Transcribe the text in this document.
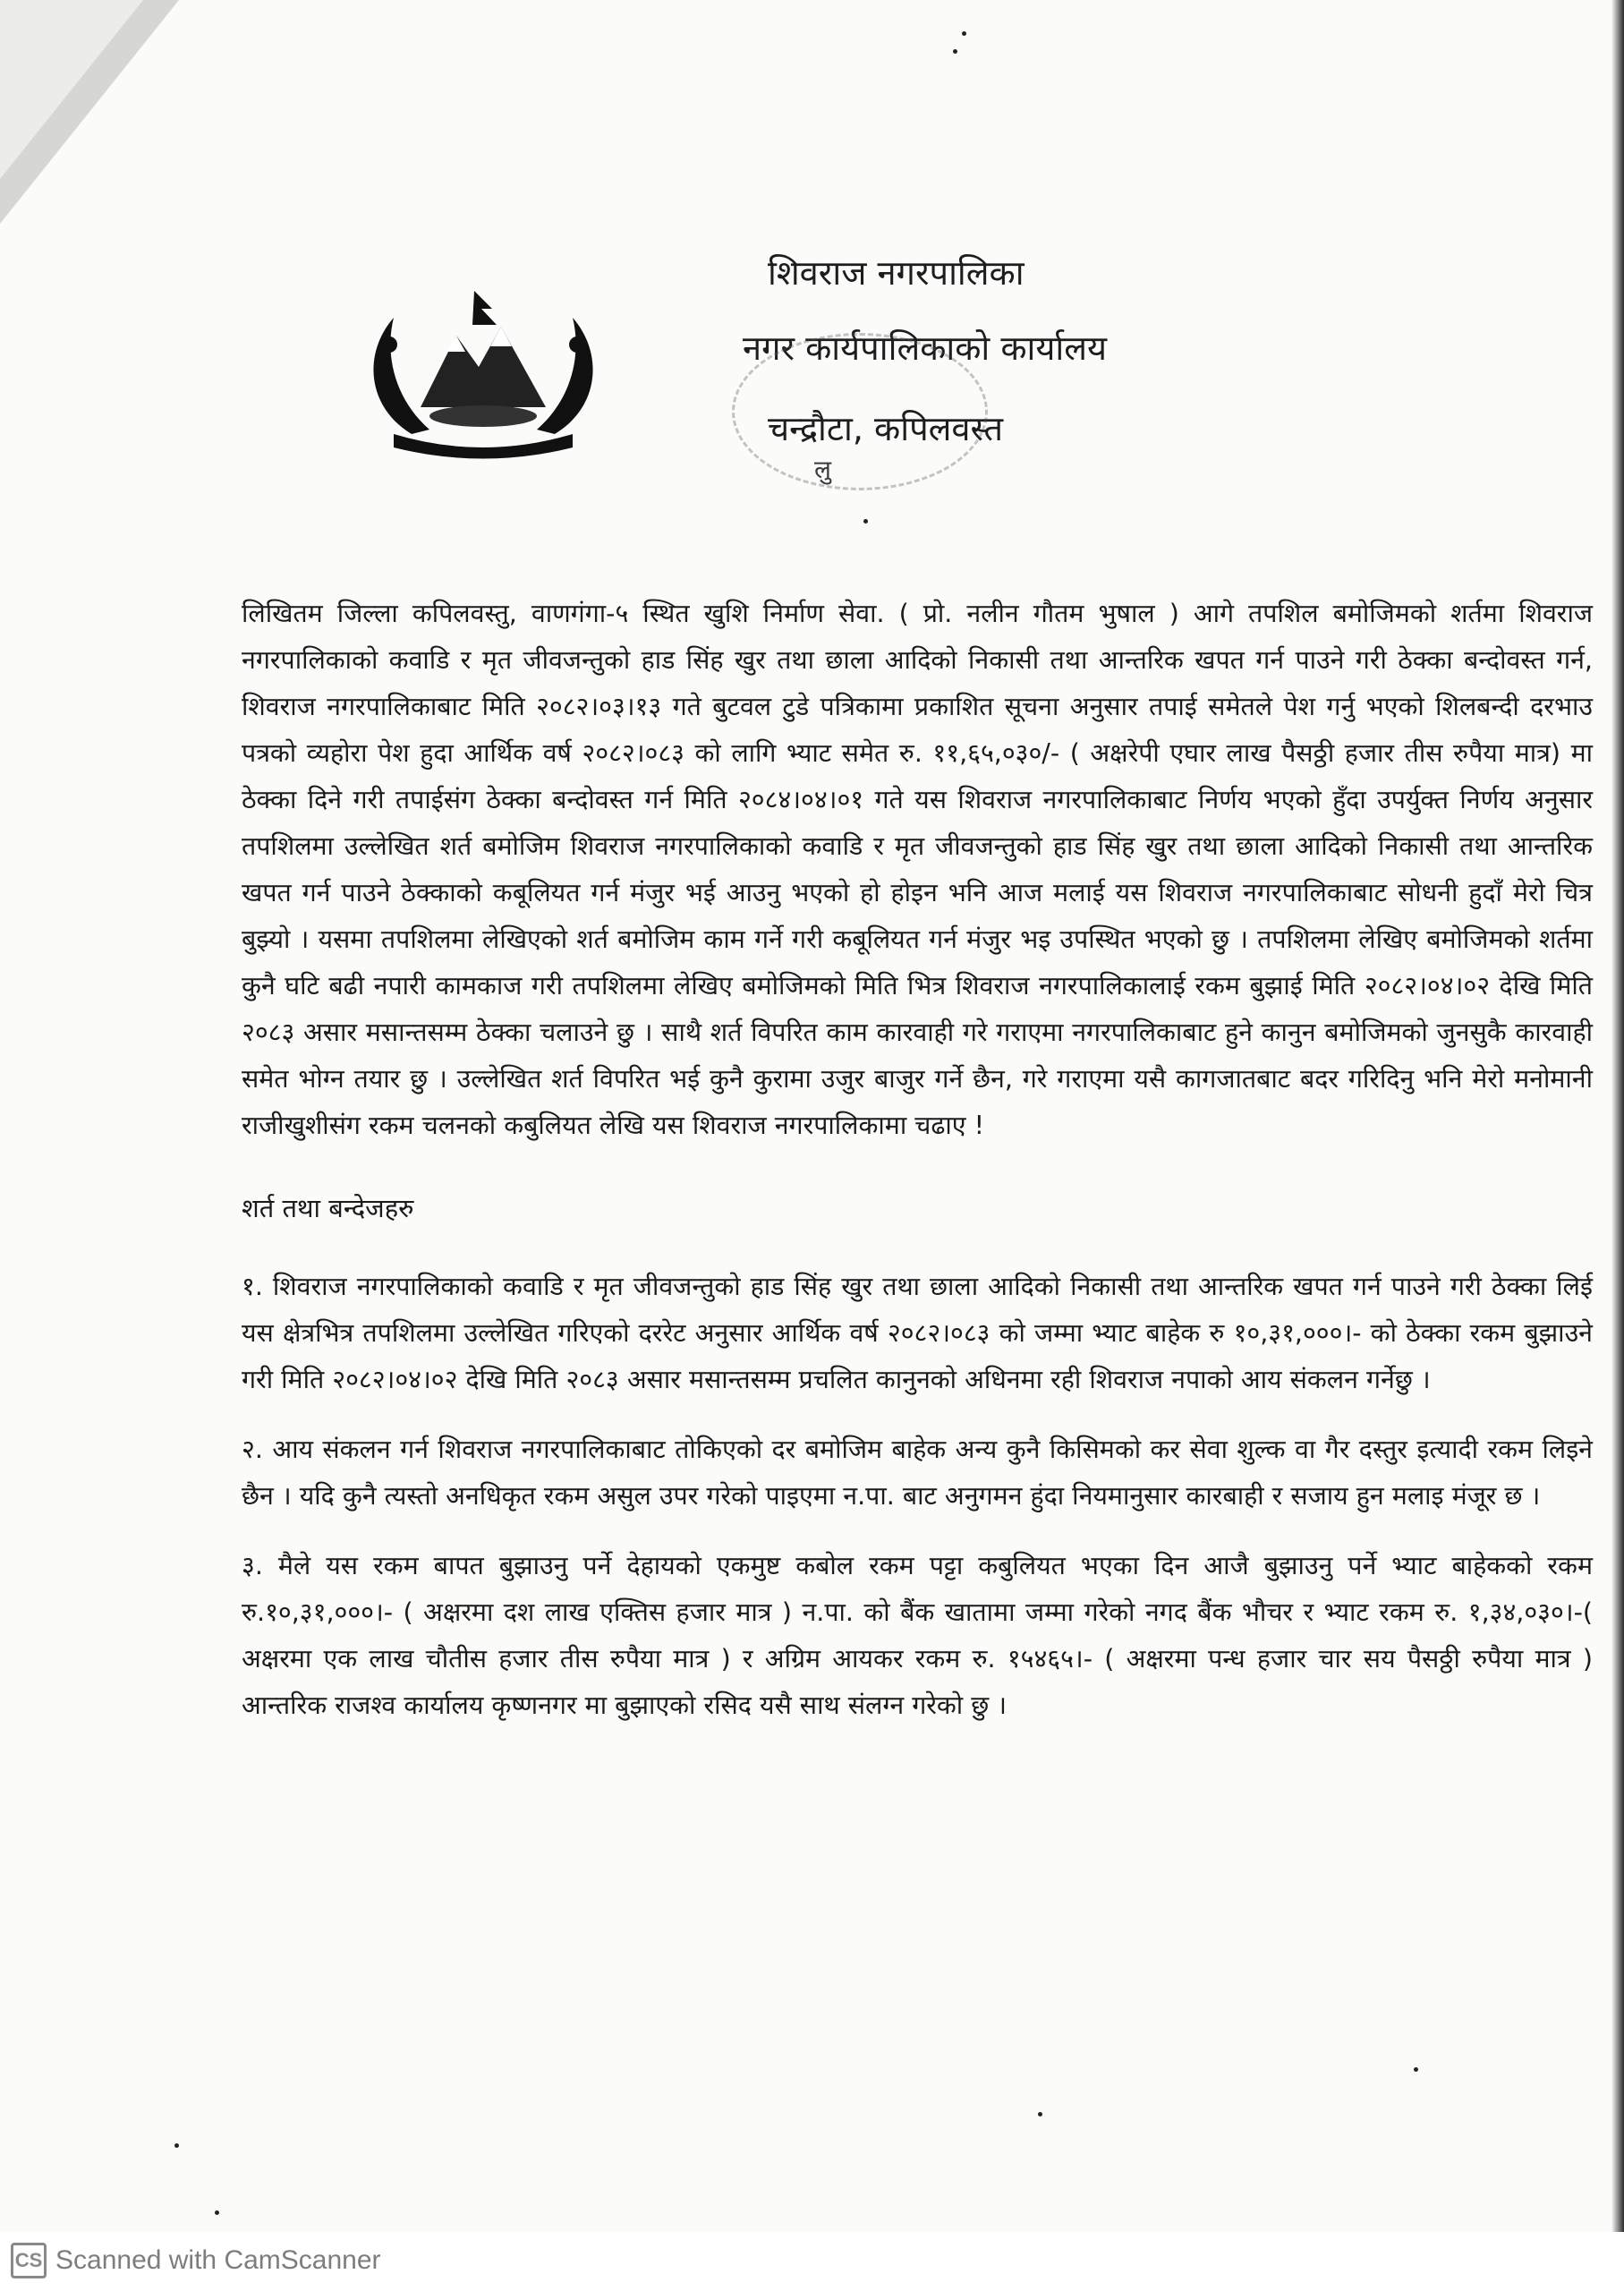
शिवराज नगरपालिका
नगर कार्यपालिकाको कार्यालय
चन्द्रौटा, कपिलवस्त
लु

लिखितम जिल्ला कपिलवस्तु, वाणगंगा-५ स्थित खुशि निर्माण सेवा. ( प्रो. नलीन गौतम भुषाल ) आगे तपशिल बमोजिमको शर्तमा शिवराज नगरपालिकाको कवाडि र मृत जीवजन्तुको हाड सिंह खुर तथा छाला आदिको निकासी तथा आन्तरिक खपत गर्न पाउने गरी ठेक्का बन्दोवस्त गर्न, शिवराज नगरपालिकाबाट मिति २०८२।०३।१३ गते बुटवल टुडे पत्रिकामा प्रकाशित सूचना अनुसार तपाई समेतले पेश गर्नु भएको शिलबन्दी दरभाउ पत्रको व्यहोरा पेश हुदा आर्थिक वर्ष २०८२।०८३ को लागि भ्याट समेत रु. ११,६५,०३०/- ( अक्षरेपी एघार लाख पैसठ्ठी हजार तीस रुपैया मात्र) मा ठेक्का दिने गरी तपाईसंग ठेक्का बन्दोवस्त गर्न मिति २०८४।०४।०१ गते यस शिवराज नगरपालिकाबाट निर्णय भएको हुँदा उपर्युक्त निर्णय अनुसार तपशिलमा उल्लेखित शर्त बमोजिम शिवराज नगरपालिकाको कवाडि र मृत जीवजन्तुको हाड सिंह खुर तथा छाला आदिको निकासी तथा आन्तरिक खपत गर्न पाउने ठेक्काको कबूलियत गर्न मंजुर भई आउनु भएको हो होइन भनि आज मलाई यस शिवराज नगरपालिकाबाट सोधनी हुदाँ मेरो चित्र बुझ्यो । यसमा तपशिलमा लेखिएको शर्त बमोजिम काम गर्ने गरी कबूलियत गर्न मंजुर भइ उपस्थित भएको छु । तपशिलमा लेखिए बमोजिमको शर्तमा कुनै घटि बढी नपारी कामकाज गरी तपशिलमा लेखिए बमोजिमको मिति भित्र शिवराज नगरपालिकालाई रकम बुझाई मिति २०८२।०४।०२ देखि मिति २०८३ असार मसान्तसम्म ठेक्का चलाउने छु । साथै शर्त विपरित काम कारवाही गरे गराएमा नगरपालिकाबाट हुने कानुन बमोजिमको जुनसुकै कारवाही समेत भोग्न तयार छु । उल्लेखित शर्त विपरित भई कुनै कुरामा उजुर बाजुर गर्ने छैन, गरे गराएमा यसै कागजातबाट बदर गरिदिनु भनि मेरो मनोमानी राजीखुशीसंग रकम चलनको कबुलियत लेखि यस शिवराज नगरपालिकामा चढाए !

शर्त तथा बन्देजहरु

१. शिवराज नगरपालिकाको कवाडि र मृत जीवजन्तुको हाड सिंह खुर तथा छाला आदिको निकासी तथा आन्तरिक खपत गर्न पाउने गरी ठेक्का लिई यस क्षेत्रभित्र तपशिलमा उल्लेखित गरिएको दररेट अनुसार आर्थिक वर्ष २०८२।०८३ को जम्मा भ्याट बाहेक रु १०,३१,०००।- को ठेक्का रकम बुझाउने गरी मिति २०८२।०४।०२ देखि मिति २०८३ असार मसान्तसम्म प्रचलित कानुनको अधिनमा रही शिवराज नपाको आय संकलन गर्नेछु ।

२. आय संकलन गर्न शिवराज नगरपालिकाबाट तोकिएको दर बमोजिम बाहेक अन्य कुनै किसिमको कर सेवा शुल्क वा गैर दस्तुर इत्यादी रकम लिइने छैन । यदि कुनै त्यस्तो अनधिकृत रकम असुल उपर गरेको पाइएमा न.पा. बाट अनुगमन हुंदा नियमानुसार कारबाही र सजाय हुन मलाइ मंजूर छ ।

३. मैले यस रकम बापत बुझाउनु पर्ने देहायको एकमुष्ट कबोल रकम पट्टा कबुलियत भएका दिन आजै बुझाउनु पर्ने भ्याट बाहेकको रकम रु.१०,३१,०००।- ( अक्षरमा दश लाख एक्तिस हजार मात्र ) न.पा. को बैंक खातामा जम्मा गरेको नगद बैंक भौचर र भ्याट रकम रु. १,३४,०३०।-( अक्षरमा एक लाख चौतीस हजार तीस रुपैया मात्र ) र अग्रिम आयकर रकम रु. १५४६५।- ( अक्षरमा पन्ध हजार चार सय पैसठ्ठी रुपैया मात्र ) आन्तरिक राजश्व कार्यालय कृष्णनगर मा बुझाएको रसिद यसै साथ संलग्न गरेको छु ।

CS Scanned with CamScanner
